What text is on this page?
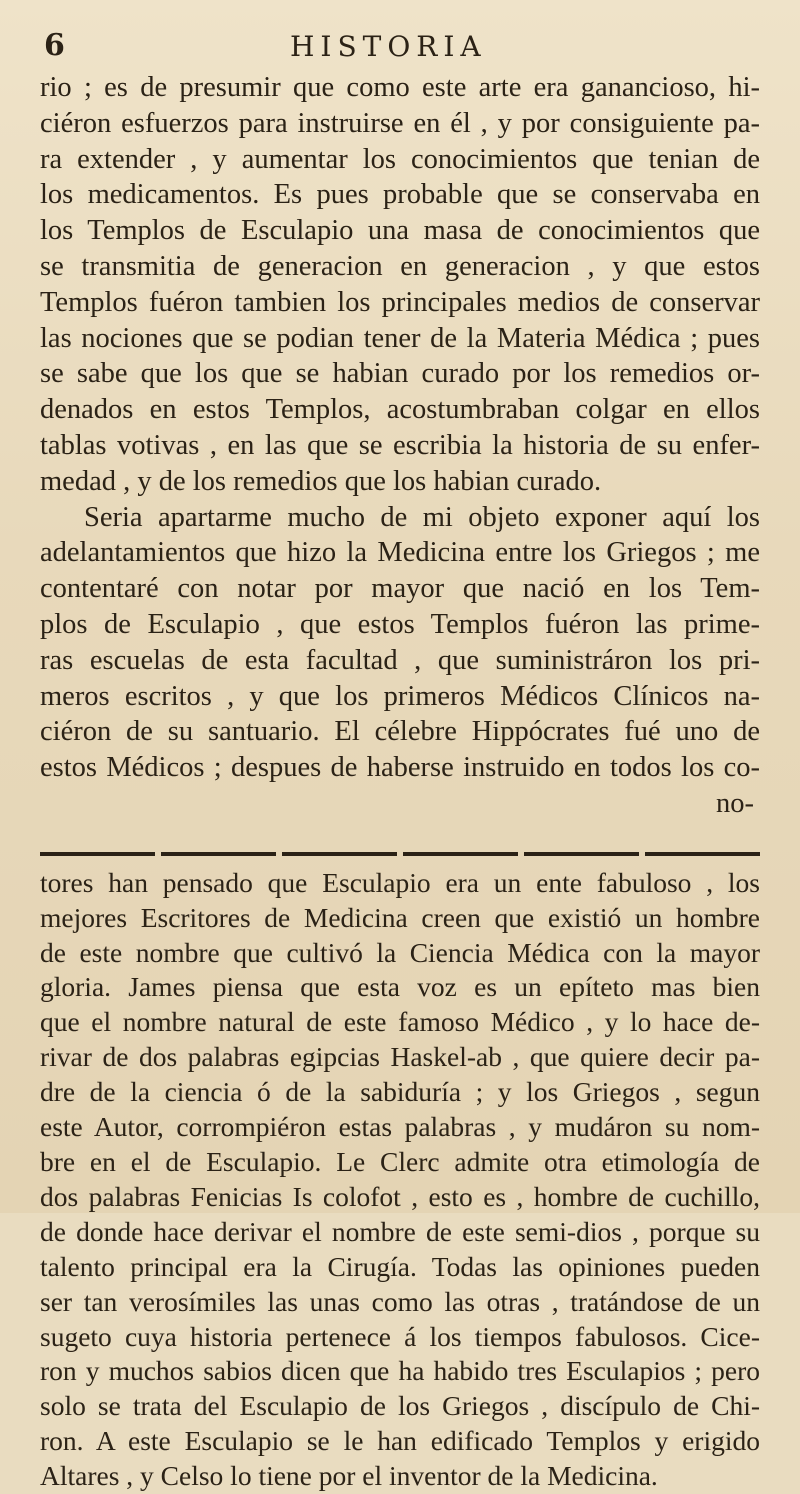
6	HISTORIA
rio ; es de presumir que como este arte era ganancioso, hi-
ciéron esfuerzos para instruirse en él , y por consiguiente pa-
ra extender , y aumentar los conocimientos que tenian de
los medicamentos. Es pues probable que se conservaba en
los Templos de Esculapio una masa de conocimientos que
se transmitia de generacion en generacion , y que estos
Templos fuéron tambien los principales medios de conservar
las nociones que se podian tener de la Materia Médica ; pues
se sabe que los que se habian curado por los remedios or-
denados en estos Templos, acostumbraban colgar en ellos
tablas votivas , en las que se escribia la historia de su enfer-
medad , y de los remedios que los habian curado.
Seria apartarme mucho de mi objeto exponer aquí los
adelantamientos que hizo la Medicina entre los Griegos ; me
contentaré con notar por mayor que nació en los Tem-
plos de Esculapio , que estos Templos fuéron las prime-
ras escuelas de esta facultad , que suministráron los pri-
meros escritos , y que los primeros Médicos Clínicos na-
ciéron de su santuario. El célebre Hippócrates fué uno de
estos Médicos ; despues de haberse instruido en todos los co-
no-
tores han pensado que Esculapio era un ente fabuloso , los
mejores Escritores de Medicina creen que existió un hombre
de este nombre que cultivó la Ciencia Médica con la mayor
gloria. James piensa que esta voz es un epíteto mas bien
que el nombre natural de este famoso Médico , y lo hace de-
rivar de dos palabras egipcias Haskel-ab , que quiere decir pa-
dre de la ciencia ó de la sabiduría ; y los Griegos , segun
este Autor, corrompiéron estas palabras , y mudáron su nom-
bre en el de Esculapio. Le Clerc admite otra etimología de
dos palabras Fenicias Is colofot , esto es , hombre de cuchillo,
de donde hace derivar el nombre de este semi-dios , porque su
talento principal era la Cirugía. Todas las opiniones pueden
ser tan verosímiles las unas como las otras , tratándose de un
sugeto cuya historia pertenece á los tiempos fabulosos. Cice-
ron y muchos sabios dicen que ha habido tres Esculapios ; pero
solo se trata del Esculapio de los Griegos , discípulo de Chi-
ron. A este Esculapio se le han edificado Templos y erigido
Altares , y Celso lo tiene por el inventor de la Medicina.
